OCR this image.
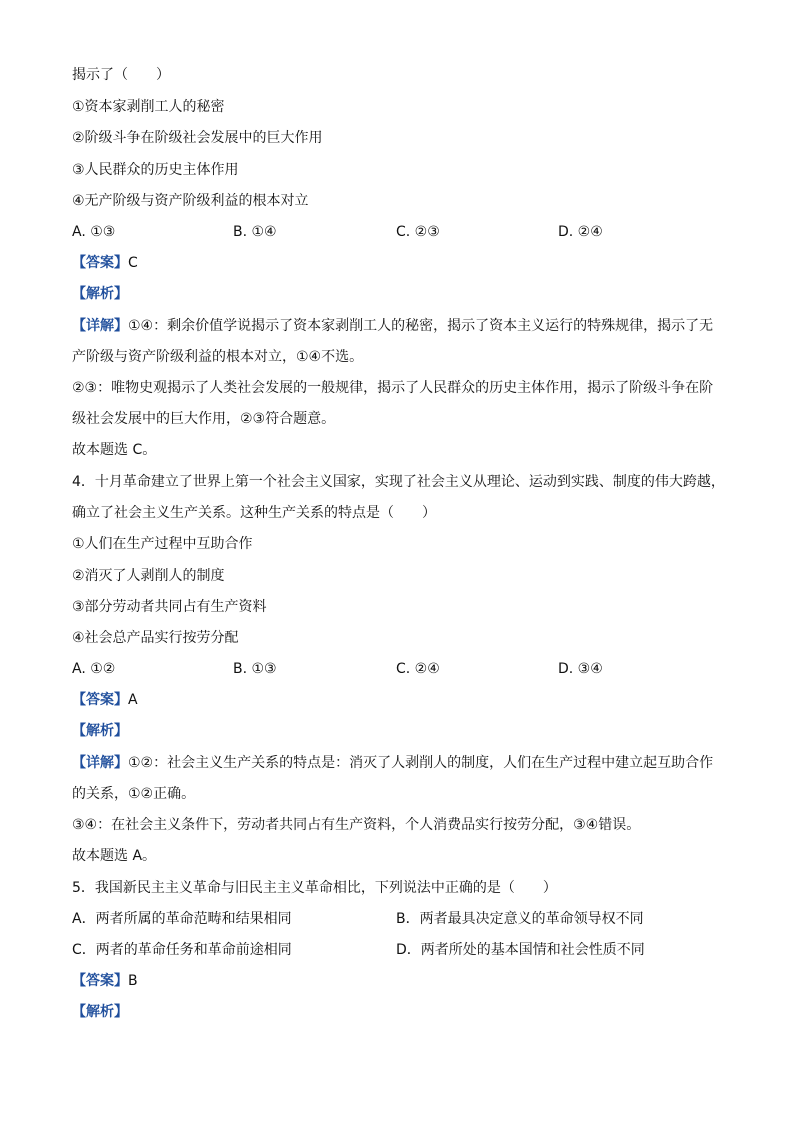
揭示了（　　）
①资本家剥削工人的秘密
②阶级斗争在阶级社会发展中的巨大作用
③人民群众的历史主体作用
④无产阶级与资产阶级利益的根本对立
A. ①③	B. ①④	C. ②③	D. ②④
【答案】C
【解析】
【详解】①④：剩余价值学说揭示了资本家剥削工人的秘密，揭示了资本主义运行的特殊规律，揭示了无
产阶级与资产阶级利益的根本对立，①④不选。
②③：唯物史观揭示了人类社会发展的一般规律，揭示了人民群众的历史主体作用，揭示了阶级斗争在阶
级社会发展中的巨大作用，②③符合题意。
故本题选 C。
4．十月革命建立了世界上第一个社会主义国家，实现了社会主义从理论、运动到实践、制度的伟大跨越，
确立了社会主义生产关系。这种生产关系的特点是（　　）
①人们在生产过程中互助合作
②消灭了人剥削人的制度
③部分劳动者共同占有生产资料
④社会总产品实行按劳分配
A. ①②	B. ①③	C. ②④	D. ③④
【答案】A
【解析】
【详解】①②：社会主义生产关系的特点是：消灭了人剥削人的制度，人们在生产过程中建立起互助合作
的关系，①②正确。
③④：在社会主义条件下，劳动者共同占有生产资料，个人消费品实行按劳分配，③④错误。
故本题选 A。
5．我国新民主主义革命与旧民主主义革命相比，下列说法中正确的是（　　）
A．两者所属的革命范畴和结果相同	B．两者最具决定意义的革命领导权不同
C．两者的革命任务和革命前途相同	D．两者所处的基本国情和社会性质不同
【答案】B
【解析】
